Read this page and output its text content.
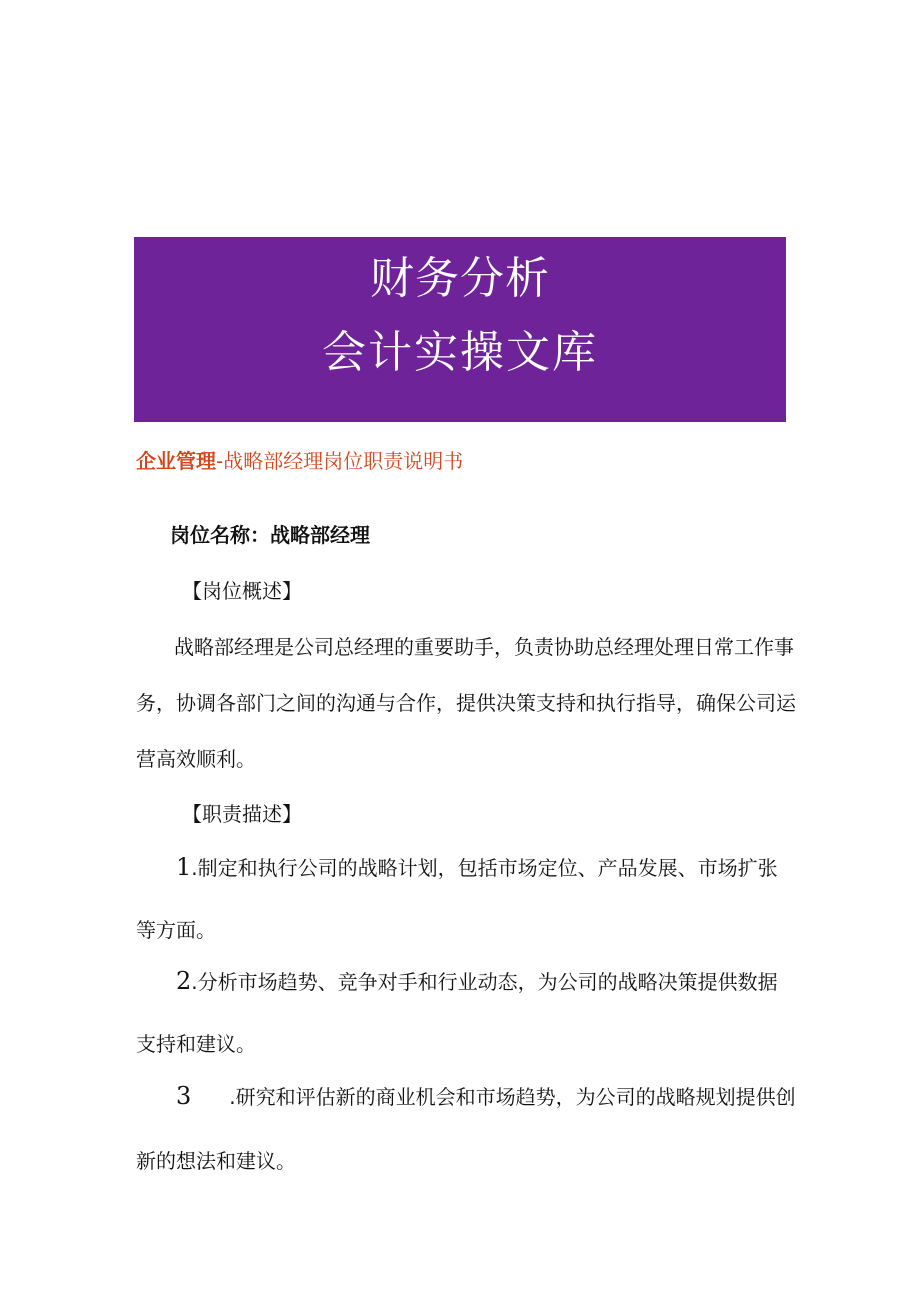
财务分析
会计实操文库
企业管理-战略部经理岗位职责说明书
岗位名称：战略部经理
【岗位概述】
战略部经理是公司总经理的重要助手，负责协助总经理处理日常工作事务，协调各部门之间的沟通与合作，提供决策支持和执行指导，确保公司运营高效顺利。
【职责描述】
1.制定和执行公司的战略计划，包括市场定位、产品发展、市场扩张等方面。
2.分析市场趋势、竞争对手和行业动态，为公司的战略决策提供数据支持和建议。
3 .研究和评估新的商业机会和市场趋势，为公司的战略规划提供创新的想法和建议。
